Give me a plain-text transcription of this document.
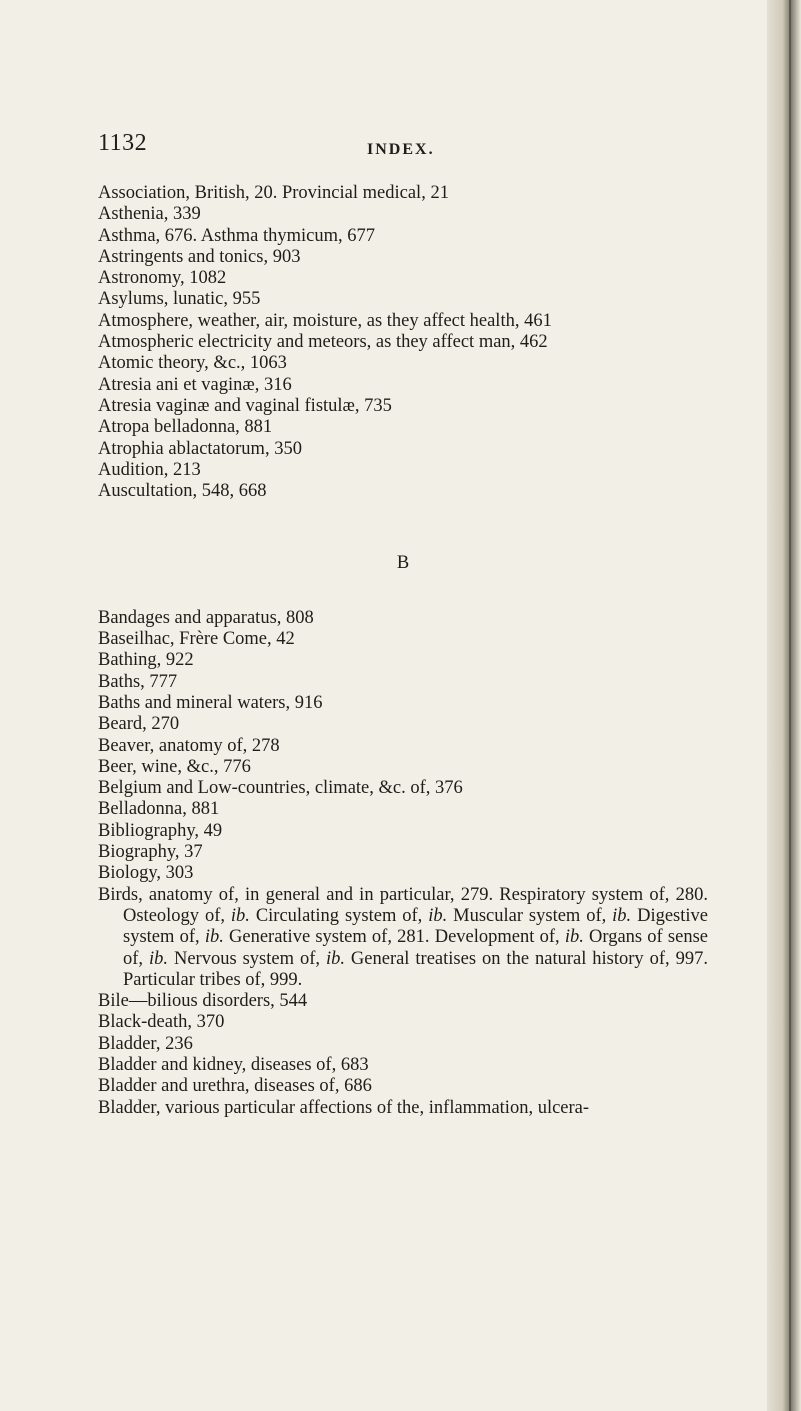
1132	INDEX.
Association, British, 20. Provincial medical, 21
Asthenia, 339
Asthma, 676. Asthma thymicum, 677
Astringents and tonics, 903
Astronomy, 1082
Asylums, lunatic, 955
Atmosphere, weather, air, moisture, as they affect health, 461
Atmospheric electricity and meteors, as they affect man, 462
Atomic theory, &c., 1063
Atresia ani et vaginæ, 316
Atresia vaginæ and vaginal fistulæ, 735
Atropa belladonna, 881
Atrophia ablactatorum, 350
Audition, 213
Auscultation, 548, 668
B
Bandages and apparatus, 808
Baseilhac, Frère Come, 42
Bathing, 922
Baths, 777
Baths and mineral waters, 916
Beard, 270
Beaver, anatomy of, 278
Beer, wine, &c., 776
Belgium and Low-countries, climate, &c. of, 376
Belladonna, 881
Bibliography, 49
Biography, 37
Biology, 303
Birds, anatomy of, in general and in particular, 279. Respiratory system of, 280. Osteology of, ib. Circulating system of, ib. Muscular system of, ib. Digestive system of, ib. Generative system of, 281. Development of, ib. Organs of sense of, ib. Nervous system of, ib. General treatises on the natural history of, 997. Particular tribes of, 999.
Bile—bilious disorders, 544
Black-death, 370
Bladder, 236
Bladder and kidney, diseases of, 683
Bladder and urethra, diseases of, 686
Bladder, various particular affections of the, inflammation, ulcera-
